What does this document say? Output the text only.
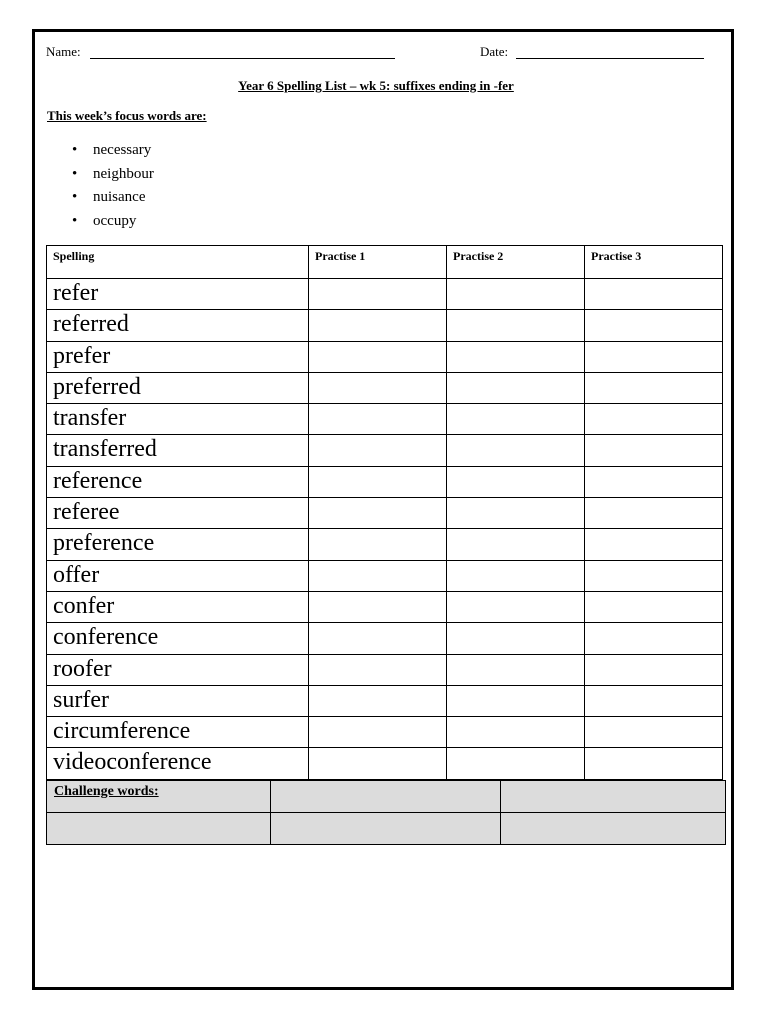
Name:	Date:
Year 6 Spelling List – wk 5: suffixes ending in -fer
This week’s focus words are:
• necessary
• neighbour
• nuisance
• occupy
Spelling	Practise 1	Practise 2	Practise 3
refer			
referred			
prefer			
preferred			
transfer			
transferred			
reference			
referee			
preference			
offer			
confer			
conference			
roofer			
surfer			
circumference			
videoconference			
Challenge words:		
